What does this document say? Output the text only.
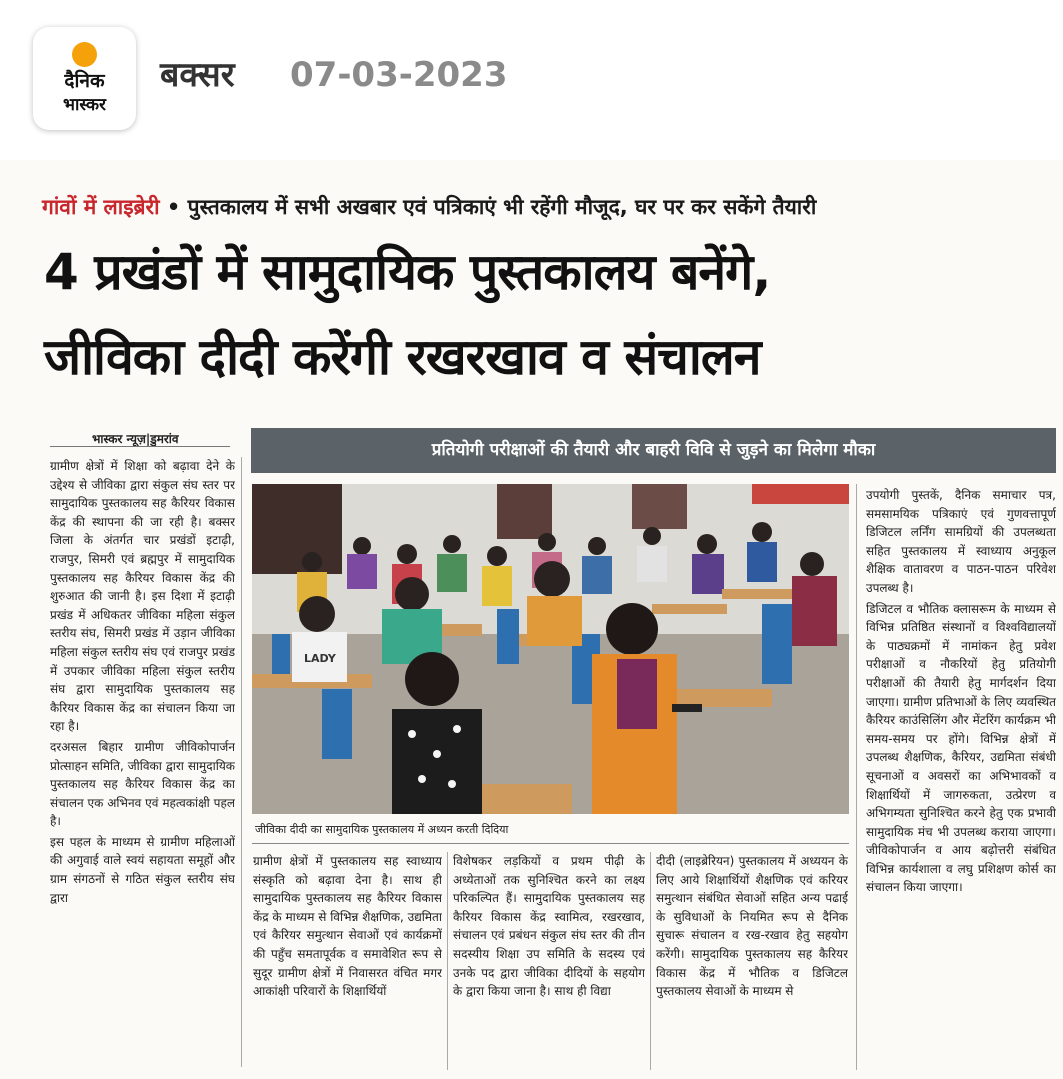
दैनिक
भास्कर
बक्सर 07-03-2023
गांवों में लाइब्रेरी • पुस्तकालय में सभी अखबार एवं पत्रिकाएं भी रहेंगी मौजूद, घर पर कर सकेंगे तैयारी
4 प्रखंडों में सामुदायिक पुस्तकालय बनेंगे,
जीविका दीदी करेंगी रखरखाव व संचालन
भास्कर न्यूज़|डुमरांव
प्रतियोगी परीक्षाओं की तैयारी और बाहरी विवि से जुड़ने का मिलेगा मौका

ग्रामीण क्षेत्रों में शिक्षा को बढ़ावा देने के उद्देश्य से जीविका द्वारा संकुल संघ स्तर पर सामुदायिक पुस्तकालय सह कैरियर विकास केंद्र की स्थापना की जा रही है। बक्सर जिला के अंतर्गत चार प्रखंडों इटाढ़ी, राजपुर, सिमरी एवं ब्रह्मपुर में सामुदायिक पुस्तकालय सह कैरियर विकास केंद्र की शुरुआत की जानी है। इस दिशा में इटाढ़ी प्रखंड में अधिकतर जीविका महिला संकुल स्तरीय संघ, सिमरी प्रखंड में उड़ान जीविका महिला संकुल स्तरीय संघ एवं राजपुर प्रखंड में उपकार जीविका महिला संकुल स्तरीय संघ द्वारा सामुदायिक पुस्तकालय सह कैरियर विकास केंद्र का संचालन किया जा रहा है।

दरअसल बिहार ग्रामीण जीविकोपार्जन प्रोत्साहन समिति, जीविका द्वारा सामुदायिक पुस्तकालय सह कैरियर विकास केंद्र का संचालन एक अभिनव एवं महत्वकांक्षी पहल है।

इस पहल के माध्यम से ग्रामीण महिलाओं की अगुवाई वाले स्वयं सहायता समूहों और ग्राम संगठनों से गठित संकुल स्तरीय संघ द्वारा

LADY
जीविका दीदी का सामुदायिक पुस्तकालय में अध्यन करती दिदिया

ग्रामीण क्षेत्रों में पुस्तकालय सह स्वाध्याय संस्कृति को बढ़ावा देना है। साथ ही सामुदायिक पुस्तकालय सह कैरियर विकास केंद्र के माध्यम से विभिन्न शैक्षणिक, उद्यमिता एवं कैरियर समुत्थान सेवाओं एवं कार्यक्रमों की पहुँच समतापूर्वक व समावेशित रूप से सुदूर ग्रामीण क्षेत्रों में निवासरत वंचित मगर आकांक्षी परिवारों के शिक्षार्थियों

विशेषकर लड़कियों व प्रथम पीढ़ी के अध्येताओं तक सुनिश्चित करने का लक्ष्य परिकल्पित हैं। सामुदायिक पुस्तकालय सह कैरियर विकास केंद्र स्वामित्व, रखरखाव, संचालन एवं प्रबंधन संकुल संघ स्तर की तीन सदस्यीय शिक्षा उप समिति के सदस्य एवं उनके पद द्वारा जीविका दीदियों के सहयोग के द्वारा किया जाना है। साथ ही विद्या

दीदी (लाइब्रेरियन) पुस्तकालय में अध्ययन के लिए आये शिक्षार्थियों शैक्षणिक एवं करियर समुत्थान संबंधित सेवाओं सहित अन्य पढाई के सुविधाओं के नियमित रूप से दैनिक सुचारू संचालन व रख-रखाव हेतु सहयोग करेंगी। सामुदायिक पुस्तकालय सह कैरियर विकास केंद्र में भौतिक व डिजिटल पुस्तकालय सेवाओं के माध्यम से

उपयोगी पुस्तकें, दैनिक समाचार पत्र, समसामयिक पत्रिकाएं एवं गुणवत्तापूर्ण डिजिटल लर्निंग सामग्रियों की उपलब्धता सहित पुस्तकालय में स्वाध्याय अनुकूल शैक्षिक वातावरण व पाठन-पाठन परिवेश उपलब्ध है।

डिजिटल व भौतिक क्लासरूम के माध्यम से विभिन्न प्रतिष्ठित संस्थानों व विश्वविद्यालयों के पाठ्यक्रमों में नामांकन हेतु प्रवेश परीक्षाओं व नौकरियों हेतु प्रतियोगी परीक्षाओं की तैयारी हेतु मार्गदर्शन दिया जाएगा। ग्रामीण प्रतिभाओं के लिए व्यवस्थित कैरियर काउंसिलिंग और मेंटरिंग कार्यक्रम भी समय-समय पर होंगे। विभिन्न क्षेत्रों में उपलब्ध शैक्षणिक, कैरियर, उद्यमिता संबंधी सूचनाओं व अवसरों का अभिभावकों व शिक्षार्थियों में जागरुकता, उत्प्रेरण व अभिगम्यता सुनिश्चित करने हेतु एक प्रभावी सामुदायिक मंच भी उपलब्ध कराया जाएगा। जीविकोपार्जन व आय बढ़ोत्तरी संबंधित विभिन्न कार्यशाला व लघु प्रशिक्षण कोर्स का संचालन किया जाएगा।
